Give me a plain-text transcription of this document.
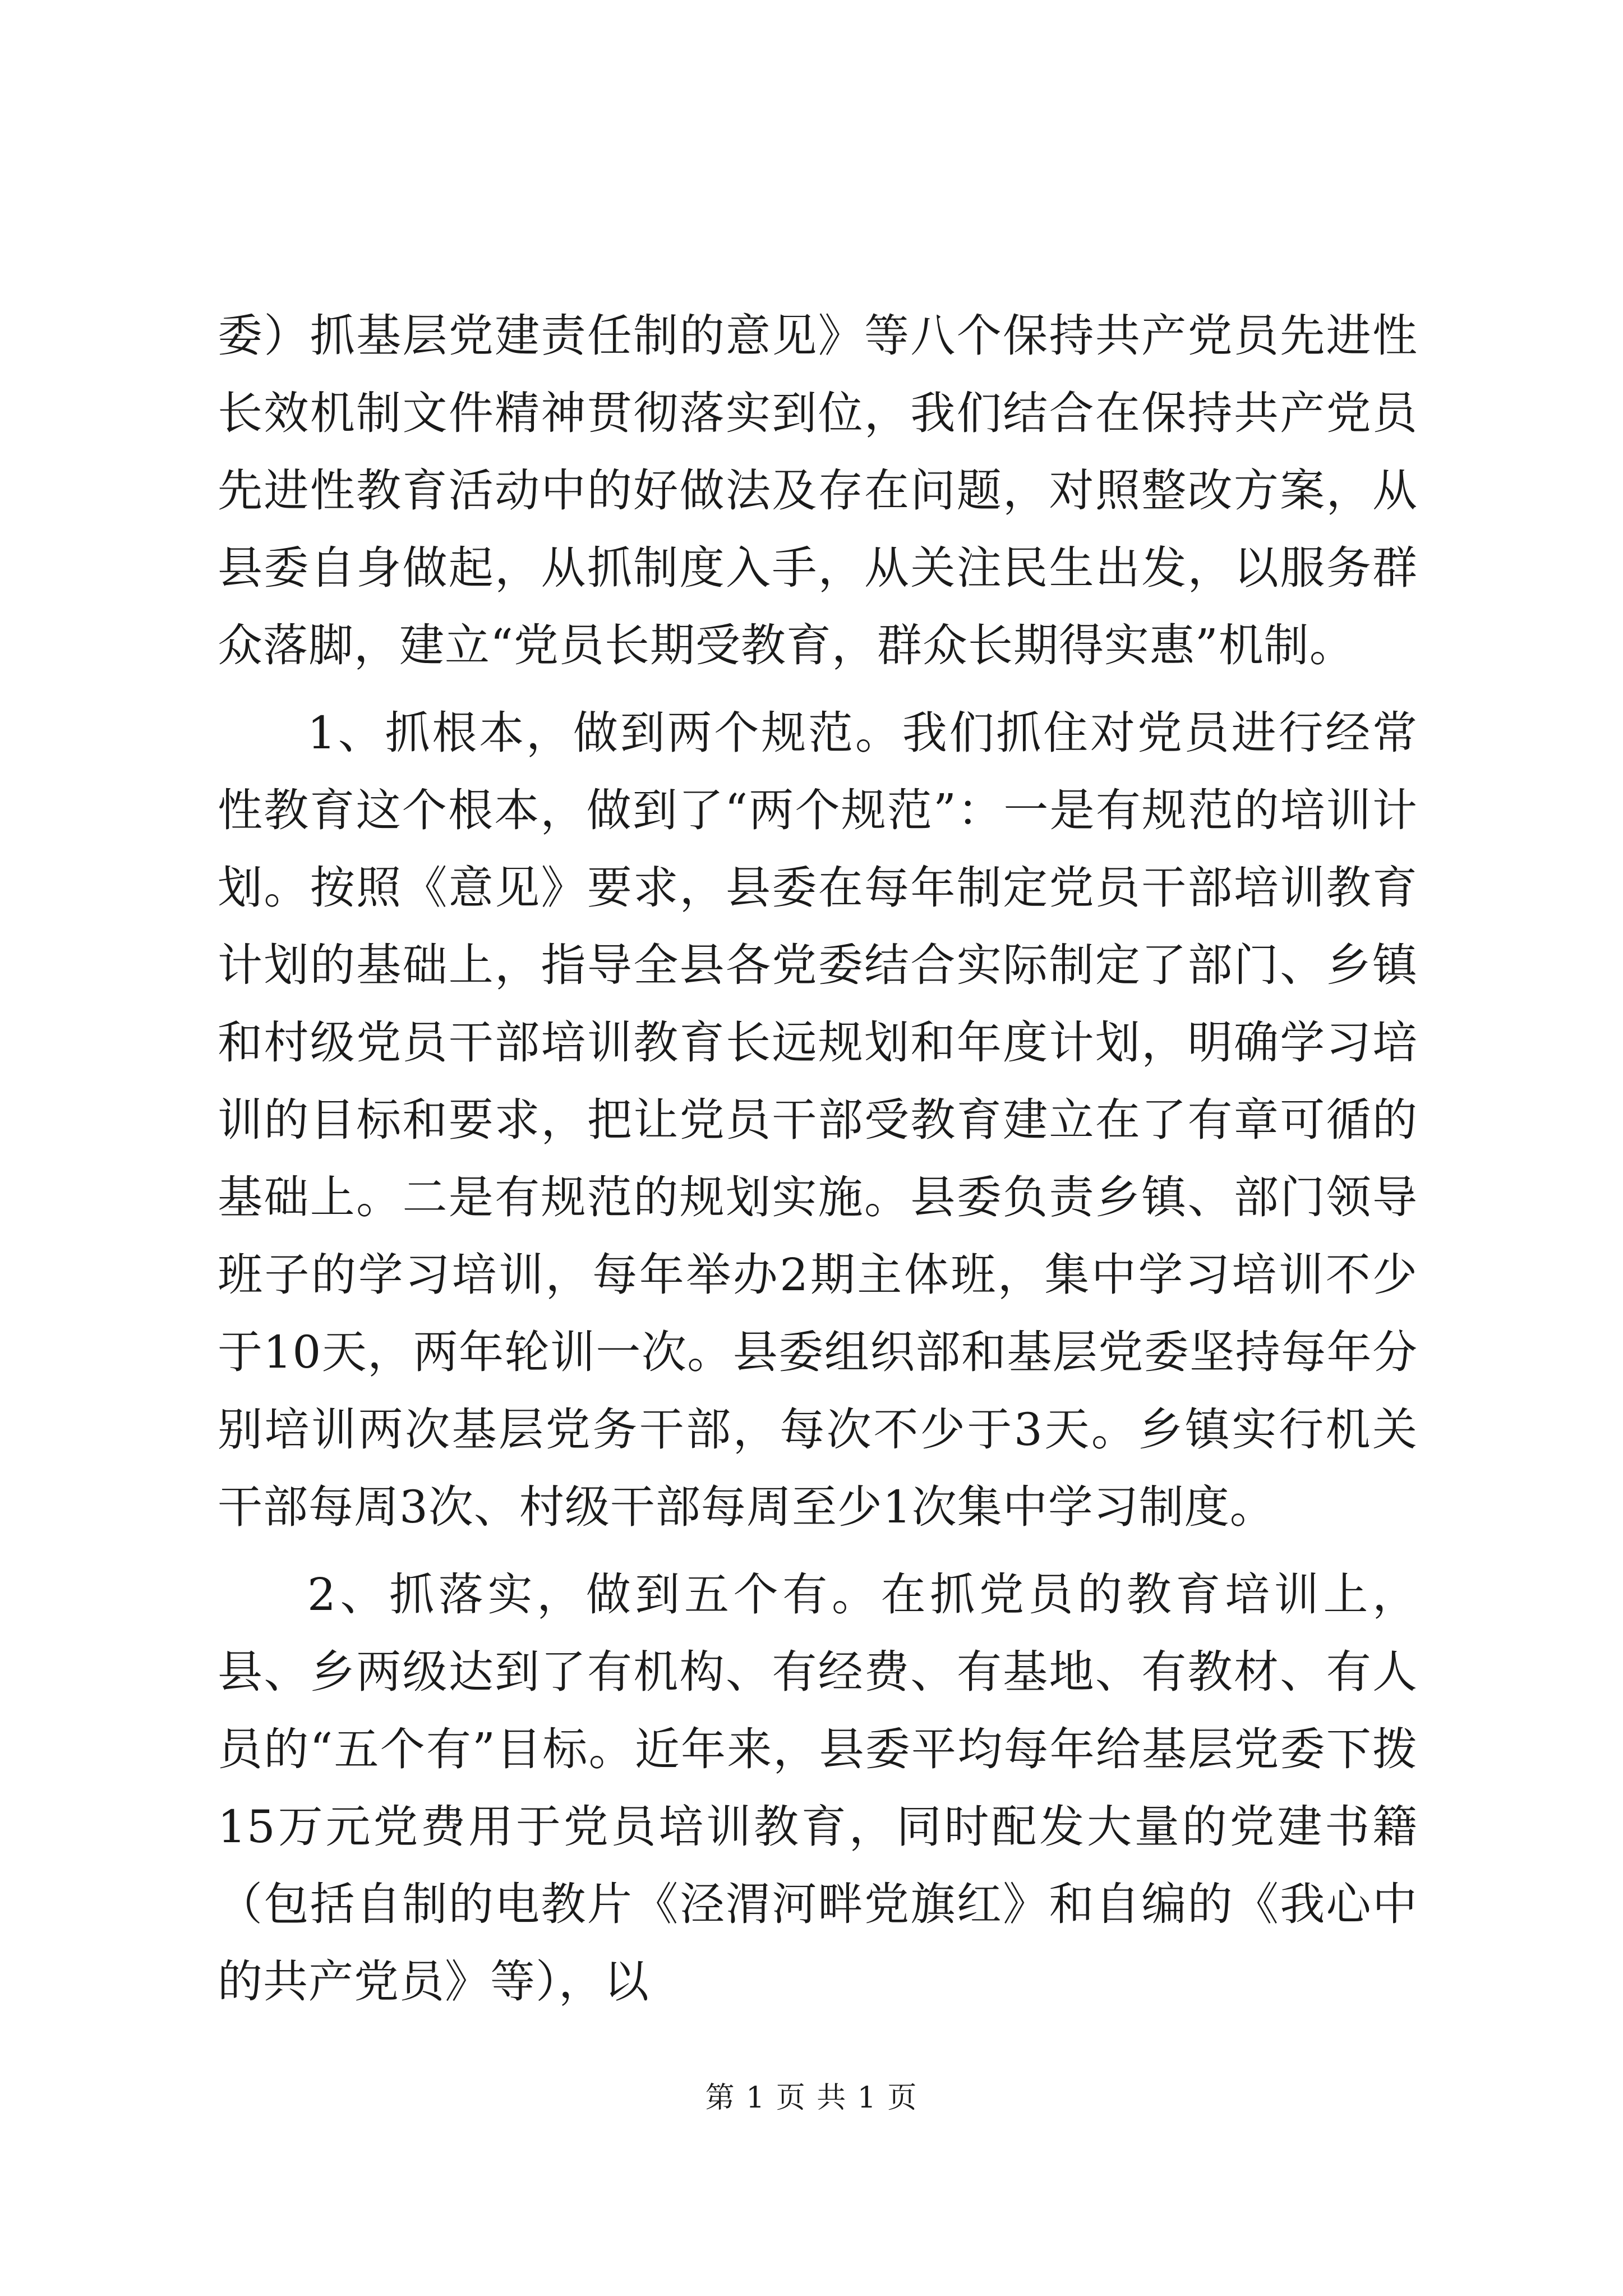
委）抓基层党建责任制的意见》等八个保持共产党员先进性长效机制文件精神贯彻落实到位，我们结合在保持共产党员先进性教育活动中的好做法及存在问题，对照整改方案，从县委自身做起，从抓制度入手，从关注民生出发，以服务群众落脚，建立“党员长期受教育，群众长期得实惠”机制。

1、抓根本，做到两个规范。我们抓住对党员进行经常性教育这个根本，做到了“两个规范”：一是有规范的培训计划。按照《意见》要求，县委在每年制定党员干部培训教育计划的基础上，指导全县各党委结合实际制定了部门、乡镇和村级党员干部培训教育长远规划和年度计划，明确学习培训的目标和要求，把让党员干部受教育建立在了有章可循的基础上。二是有规范的规划实施。县委负责乡镇、部门领导班子的学习培训，每年举办2期主体班，集中学习培训不少于10天，两年轮训一次。县委组织部和基层党委坚持每年分别培训两次基层党务干部，每次不少于3天。乡镇实行机关干部每周3次、村级干部每周至少1次集中学习制度。

2、抓落实，做到五个有。在抓党员的教育培训上，县、乡两级达到了有机构、有经费、有基地、有教材、有人员的“五个有”目标。近年来，县委平均每年给基层党委下拨15万元党费用于党员培训教育，同时配发大量的党建书籍（包括自制的电教片《泾渭河畔党旗红》和自编的《我心中的共产党员》等），以

第 1 页 共 1 页
